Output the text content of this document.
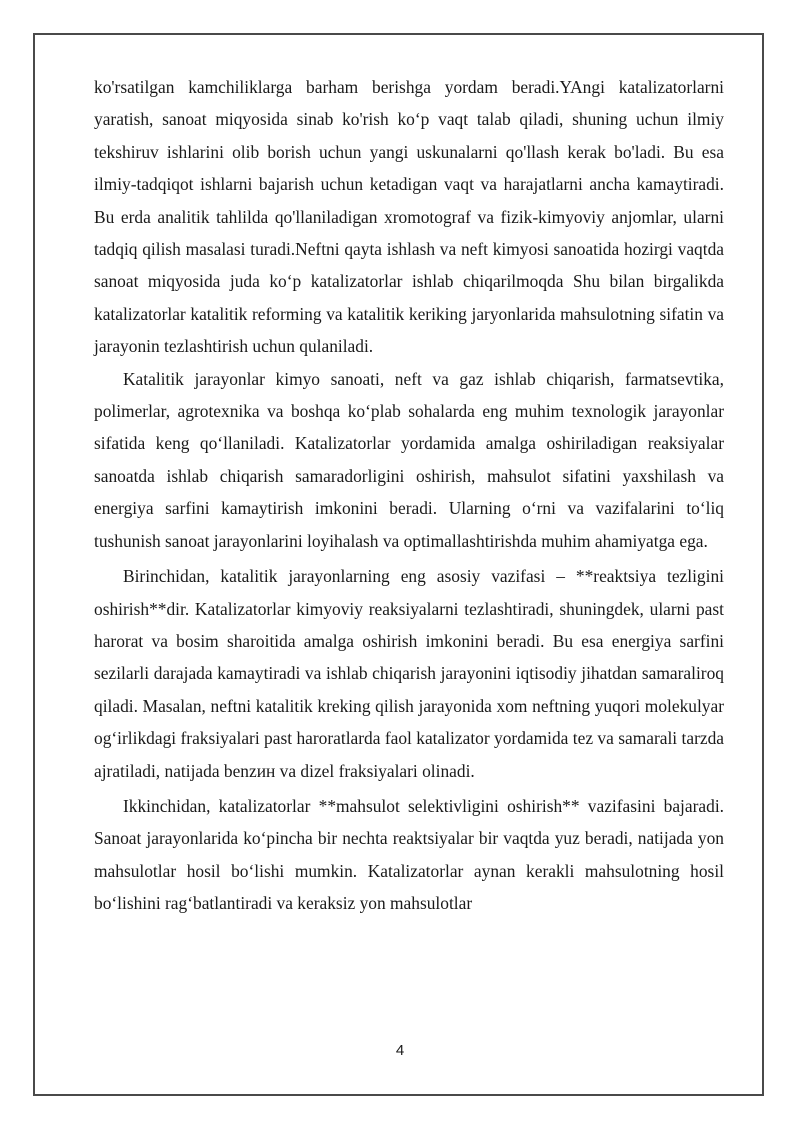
ko'rsatilgan kamchiliklarga barham berishga yordam beradi.YAngi katalizatorlarni yaratish, sanoat miqyosida sinab ko'rish ko‘p vaqt talab qiladi, shuning uchun ilmiy tekshiruv ishlarini olib borish uchun yangi uskunalarni qo'llash kerak bo'ladi. Bu esa ilmiy-tadqiqot ishlarni bajarish uchun ketadigan vaqt va harajatlarni ancha kamaytiradi. Bu erda analitik tahlilda qo'llaniladigan xromotograf va fizik-kimyoviy anjomlar, ularni tadqiq qilish masalasi turadi.Neftni qayta ishlash va neft kimyosi sanoatida hozirgi vaqtda sanoat miqyosida juda ko‘p katalizatorlar ishlab chiqarilmoqda Shu bilan birgalikda katalizatorlar katalitik reforming va katalitik keriking jaryonlarida mahsulotning sifatin va jarayonin tezlashtirish uchun qulaniladi.

Katalitik jarayonlar kimyo sanoati, neft va gaz ishlab chiqarish, farmatsevtika, polimerlar, agrotexnika va boshqa ko‘plab sohalarda eng muhim texnologik jarayonlar sifatida keng qo‘llaniladi. Katalizatorlar yordamida amalga oshiriladigan reaksiyalar sanoatda ishlab chiqarish samaradorligini oshirish, mahsulot sifatini yaxshilash va energiya sarfini kamaytirish imkonini beradi. Ularning o‘rni va vazifalarini to‘liq tushunish sanoat jarayonlarini loyihalash va optimallashtirishda muhim ahamiyatga ega.

Birinchidan, katalitik jarayonlarning eng asosiy vazifasi – **reaktsiya tezligini oshirish**dir. Katalizatorlar kimyoviy reaksiyalarni tezlashtiradi, shuningdek, ularni past harorat va bosim sharoitida amalga oshirish imkonini beradi. Bu esa energiya sarfini sezilarli darajada kamaytiradi va ishlab chiqarish jarayonini iqtisodiy jihatdan samaraliroq qiladi. Masalan, neftni katalitik kreking qilish jarayonida xom neftning yuqori molekulyar og‘irlikdagi fraksiyalari past haroratlarda faol katalizator yordamida tez va samarali tarzda ajratiladi, natijada benzин va dizel fraksiyalari olinadi.

Ikkinchidan, katalizatorlar **mahsulot selektivligini oshirish** vazifasini bajaradi. Sanoat jarayonlarida ko‘pincha bir nechta reaktsiyalar bir vaqtda yuz beradi, natijada yon mahsulotlar hosil bo‘lishi mumkin. Katalizatorlar aynan kerakli mahsulotning hosil bo‘lishini rag‘batlantiradi va keraksiz yon mahsulotlar

4
